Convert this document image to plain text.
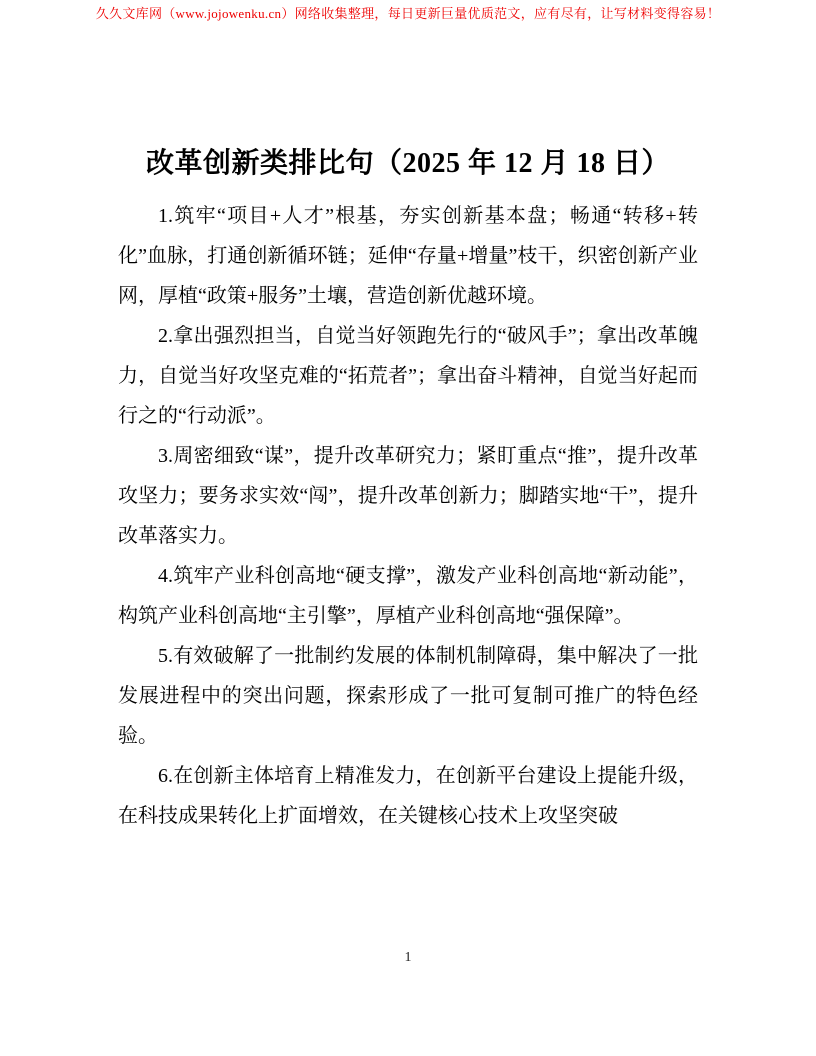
久久文库网（www.jojowenku.cn）网络收集整理，每日更新巨量优质范文，应有尽有，让写材料变得容易！
改革创新类排比句（2025 年 12 月 18 日）

1.筑牢“项目+人才”根基，夯实创新基本盘；畅通“转移+转化”血脉，打通创新循环链；延伸“存量+增量”枝干，织密创新产业网，厚植“政策+服务”土壤，营造创新优越环境。

2.拿出强烈担当，自觉当好领跑先行的“破风手”；拿出改革魄力，自觉当好攻坚克难的“拓荒者”；拿出奋斗精神，自觉当好起而行之的“行动派”。

3.周密细致“谋”，提升改革研究力；紧盯重点“推”，提升改革攻坚力；要务求实效“闯”，提升改革创新力；脚踏实地“干”，提升改革落实力。

4.筑牢产业科创高地“硬支撑”，激发产业科创高地“新动能”，构筑产业科创高地“主引擎”，厚植产业科创高地“强保障”。

5.有效破解了一批制约发展的体制机制障碍，集中解决了一批发展进程中的突出问题，探索形成了一批可复制可推广的特色经验。

6.在创新主体培育上精准发力，在创新平台建设上提能升级，在科技成果转化上扩面增效，在关键核心技术上攻坚突破

1
